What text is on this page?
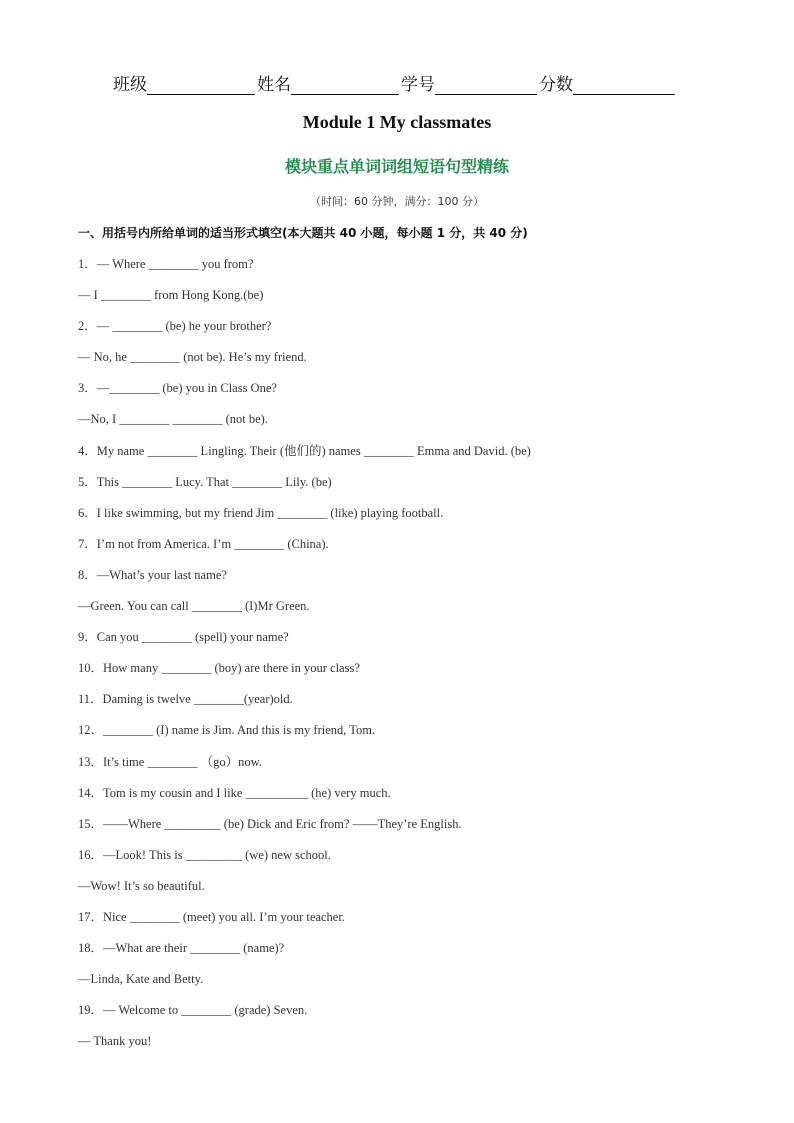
班级	姓名	学号	分数
Module 1 My classmates
模块重点单词词组短语句型精练
（时间：60 分钟，满分：100 分）
一、用括号内所给单词的适当形式填空(本大题共 40 小题，每小题 1 分，共 40 分)
1．— Where ________ you from?
— I ________ from Hong Kong.(be)
2．— ________ (be) he your brother?
— No, he ________ (not be). He’s my friend.
3．—________ (be) you in Class One?
—No, I ________ ________ (not be).
4．My name ________ Lingling. Their (他们的) names ________ Emma and David. (be)
5．This ________ Lucy. That ________ Lily. (be)
6．I like swimming, but my friend Jim ________ (like) playing football.
7．I’m not from America. I’m ________ (China).
8．—What’s your last name?
—Green. You can call ________ (I)Mr Green.
9．Can you ________ (spell) your name?
10．How many ________ (boy) are there in your class?
11．Daming is twelve ________(year)old.
12．________ (I) name is Jim. And this is my friend, Tom.
13．It’s time ________ （go）now.
14．Tom is my cousin and I like __________ (he) very much.
15．——Where _________ (be) Dick and Eric from? ——They’re English.
16．—Look! This is _________ (we) new school.
—Wow! It’s so beautiful.
17．Nice ________ (meet) you all. I’m your teacher.
18．—What are their ________ (name)?
—Linda, Kate and Betty.
19．— Welcome to ________ (grade) Seven.
— Thank you!
